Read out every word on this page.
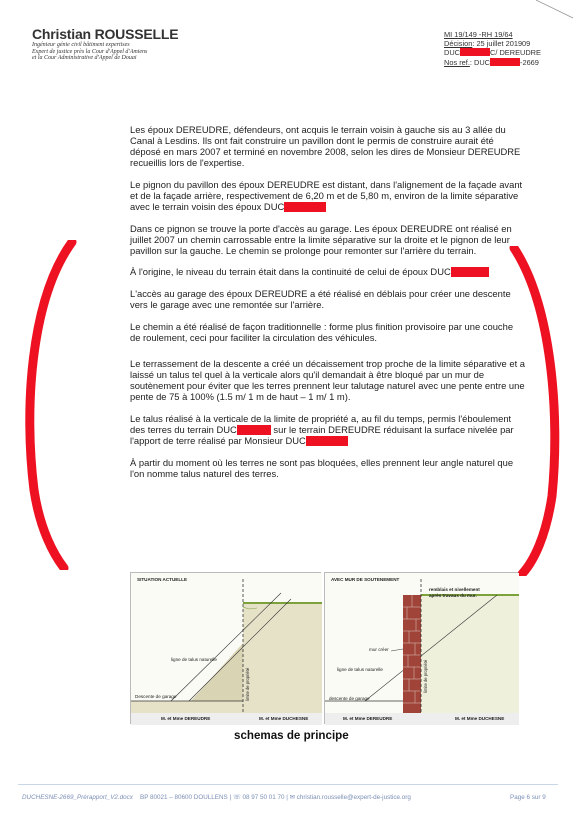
Christian ROUSSELLE
Ingénieur génie civil bâtiment expertises
Expert de justice près la Cour d'Appel d'Amiens
et la Cour Administrative d'Appel de Douai
MI 19/149 -RH 19/64
Décision: 25 juillet 201909
DUC	C/ DEREUDRE
Nos ref.: DUC	-2669

Les époux DEREUDRE, défendeurs, ont acquis le terrain voisin à gauche sis au 3 allée du Canal à Lesdins. Ils ont fait construire un pavillon dont le permis de construire aurait été déposé en mars 2007 et terminé en novembre 2008, selon les dires de Monsieur DEREUDRE recueillis lors de l'expertise.

Le pignon du pavillon des époux DEREUDRE est distant, dans l'alignement de la façade avant et de la façade arrière, respectivement de 6,20 m et de 5,80 m, environ de la limite séparative avec le terrain voisin des époux DUC

Dans ce pignon se trouve la porte d'accès au garage. Les époux DEREUDRE ont réalisé en juillet 2007 un chemin carrossable entre la limite séparative sur la droite et le pignon de leur pavillon sur la gauche. Le chemin se prolonge pour remonter sur l'arrière du terrain.

À l'origine, le niveau du terrain était dans la continuité de celui de époux DUC

L'accès au garage des époux DEREUDRE a été réalisé en déblais pour créer une descente vers le garage avec une remontée sur l'arrière.

Le chemin a été réalisé de façon traditionnelle : forme plus finition provisoire par une couche de roulement, ceci pour faciliter la circulation des véhicules.

Le terrassement de la descente a créé un décaissement trop proche de la limite séparative et a laissé un talus tel quel à la verticale alors qu'il demandait à être bloqué par un mur de soutènement pour éviter que les terres prennent leur talutage naturel avec une pente entre une pente de 75 à 100% (1.5 m/ 1 m de haut – 1 m/ 1 m).

Le talus réalisé à la verticale de la limite de propriété a, au fil du temps, permis l'éboulement des terres du terrain DUC	sur le terrain DEREUDRE réduisant la surface nivelée par l'apport de terre réalisé par Monsieur DUC

À partir du moment où les terres ne sont pas bloquées, elles prennent leur angle naturel que l'on nomme talus naturel des terres.

SITUATION ACTUELLE
ligne de talus naturelle
limite de propriété
Descente de garage
M. et Mme DEREUDRE	M. et Mme DUCHESNE
AVEC MUR DE SOUTENEMENT
remblais et nivellement
après travaux du mur.
mur créer
ligne de talus naturelle	limite de propriété
descente de garage
M. et Mme DEREUDRE	M. et Mme DUCHESNE
schemas de principe
DUCHESNE-2669_Prérapport_V2.docx BP 80021 – 80600 DOULLENS | ☏ 08 97 50 01 70 | ✉ christian.rousselle@expert-de-justice.org	Page 6 sur 9
